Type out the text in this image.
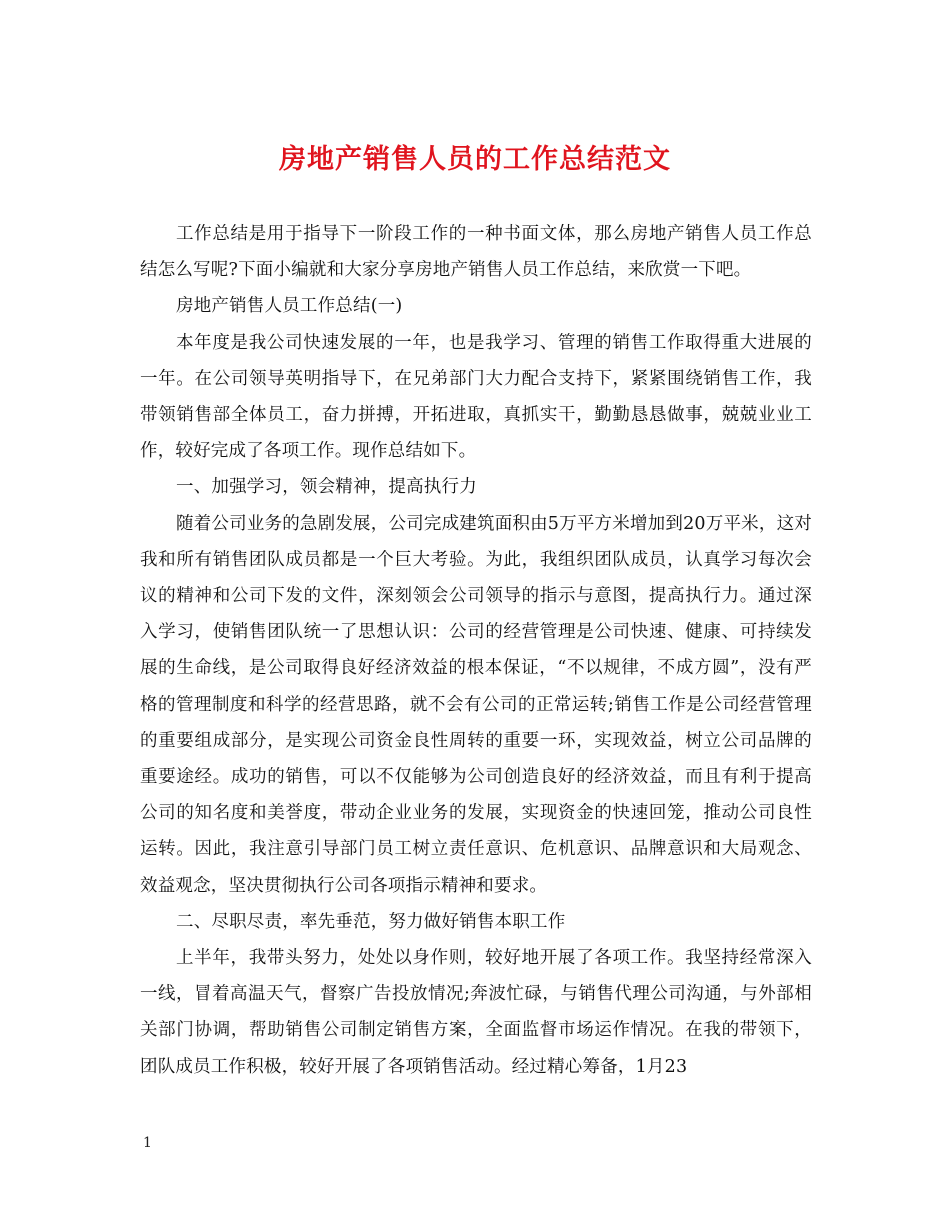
房地产销售人员的工作总结范文

工作总结是用于指导下一阶段工作的一种书面文体，那么房地产销售人员工作总结怎么写呢?下面小编就和大家分享房地产销售人员工作总结，来欣赏一下吧。

房地产销售人员工作总结(一)

本年度是我公司快速发展的一年，也是我学习、管理的销售工作取得重大进展的一年。在公司领导英明指导下，在兄弟部门大力配合支持下，紧紧围绕销售工作，我带领销售部全体员工，奋力拼搏，开拓进取，真抓实干，勤勤恳恳做事，兢兢业业工作，较好完成了各项工作。现作总结如下。

一、加强学习，领会精神，提高执行力

随着公司业务的急剧发展，公司完成建筑面积由5万平方米增加到20万平米，这对我和所有销售团队成员都是一个巨大考验。为此，我组织团队成员，认真学习每次会议的精神和公司下发的文件，深刻领会公司领导的指示与意图，提高执行力。通过深入学习，使销售团队统一了思想认识：公司的经营管理是公司快速、健康、可持续发展的生命线，是公司取得良好经济效益的根本保证，“不以规律，不成方圆”，没有严格的管理制度和科学的经营思路，就不会有公司的正常运转;销售工作是公司经营管理的重要组成部分，是实现公司资金良性周转的重要一环，实现效益，树立公司品牌的重要途经。成功的销售，可以不仅能够为公司创造良好的经济效益，而且有利于提高公司的知名度和美誉度，带动企业业务的发展，实现资金的快速回笼，推动公司良性运转。因此，我注意引导部门员工树立责任意识、危机意识、品牌意识和大局观念、效益观念，坚决贯彻执行公司各项指示精神和要求。

二、尽职尽责，率先垂范，努力做好销售本职工作

上半年，我带头努力，处处以身作则，较好地开展了各项工作。我坚持经常深入一线，冒着高温天气，督察广告投放情况;奔波忙碌，与销售代理公司沟通，与外部相关部门协调，帮助销售公司制定销售方案，全面监督市场运作情况。在我的带领下，团队成员工作积极，较好开展了各项销售活动。经过精心筹备，1月23

1
